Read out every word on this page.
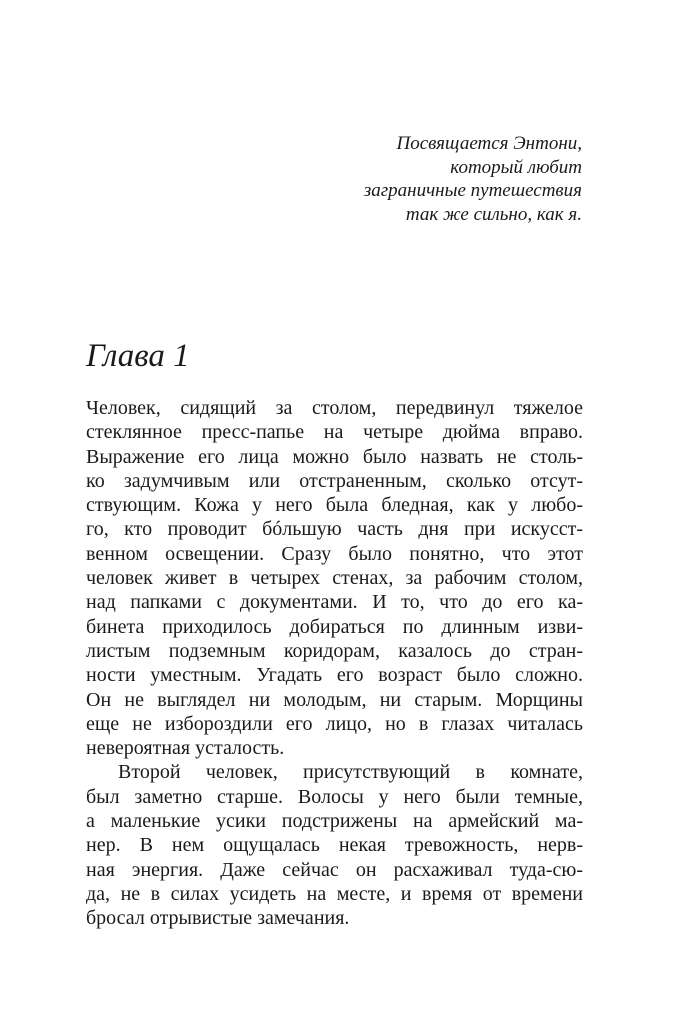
Посвящается Энтони,
который любит
заграничные путешествия
так же сильно, как я.
Глава 1
Человек, сидящий за столом, передвинул тяжелое
стеклянное пресс-папье на четыре дюйма вправо.
Выражение его лица можно было назвать не столь-
ко задумчивым или отстраненным, сколько отсут-
ствующим. Кожа у него была бледная, как у любо-
го, кто проводит бóльшую часть дня при искусст-
венном освещении. Сразу было понятно, что этот
человек живет в четырех стенах, за рабочим столом,
над папками с документами. И то, что до его ка-
бинета приходилось добираться по длинным изви-
листым подземным коридорам, казалось до стран-
ности уместным. Угадать его возраст было сложно.
Он не выглядел ни молодым, ни старым. Морщины
еще не избороздили его лицо, но в глазах читалась
невероятная усталость.
Второй человек, присутствующий в комнате,
был заметно старше. Волосы у него были темные,
а маленькие усики подстрижены на армейский ма-
нер. В нем ощущалась некая тревожность, нерв-
ная энергия. Даже сейчас он расхаживал туда-сю-
да, не в силах усидеть на месте, и время от времени
бросал отрывистые замечания.
